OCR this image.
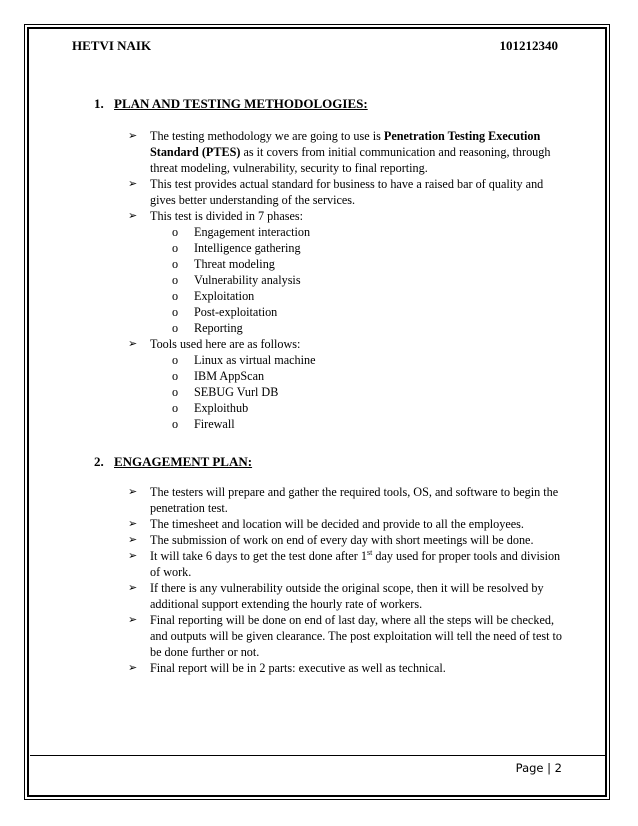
HETVI NAIK	101212340
1. PLAN AND TESTING METHODOLOGIES:
➢ The testing methodology we are going to use is Penetration Testing Execution Standard (PTES) as it covers from initial communication and reasoning, through threat modeling, vulnerability, security to final reporting.
➢ This test provides actual standard for business to have a raised bar of quality and gives better understanding of the services.
➢ This test is divided in 7 phases:
o Engagement interaction
o Intelligence gathering
o Threat modeling
o Vulnerability analysis
o Exploitation
o Post-exploitation
o Reporting
➢ Tools used here are as follows:
o Linux as virtual machine
o IBM AppScan
o SEBUG Vurl DB
o Exploithub
o Firewall
2. ENGAGEMENT PLAN:
➢ The testers will prepare and gather the required tools, OS, and software to begin the penetration test.
➢ The timesheet and location will be decided and provide to all the employees.
➢ The submission of work on end of every day with short meetings will be done.
➢ It will take 6 days to get the test done after 1st day used for proper tools and division of work.
➢ If there is any vulnerability outside the original scope, then it will be resolved by additional support extending the hourly rate of workers.
➢ Final reporting will be done on end of last day, where all the steps will be checked, and outputs will be given clearance. The post exploitation will tell the need of test to be done further or not.
➢ Final report will be in 2 parts: executive as well as technical.
Page | 2
